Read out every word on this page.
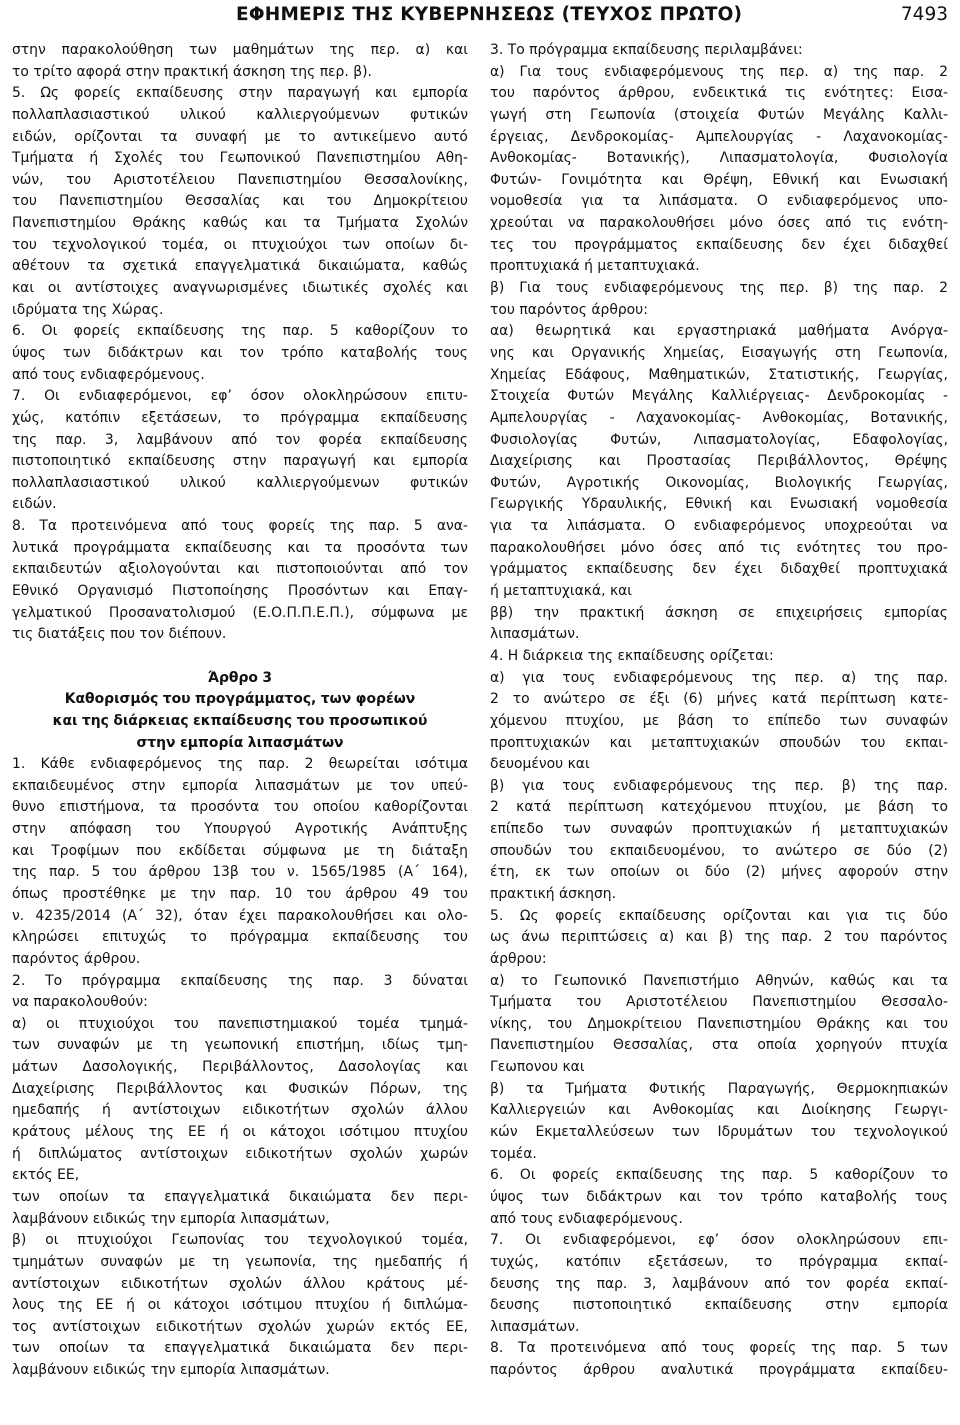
ΕΦΗΜΕΡΙΣ ΤΗΣ ΚΥΒΕΡΝΗΣΕΩΣ (ΤΕΥΧΟΣ ΠΡΩΤΟ)	7493
στην παρακολούθηση των μαθημάτων της περ. α) και
το τρίτο αφορά στην πρακτική άσκηση της περ. β).
5. Ως φορείς εκπαίδευσης στην παραγωγή και εμπορία
πολλαπλασιαστικού υλικού καλλιεργούμενων φυτικών
ειδών, ορίζονται τα συναφή με το αντικείμενο αυτό
Τμήματα ή Σχολές του Γεωπονικού Πανεπιστημίου Αθη-
νών, του Αριστοτέλειου Πανεπιστημίου Θεσσαλονίκης,
του Πανεπιστημίου Θεσσαλίας και του Δημοκρίτειου
Πανεπιστημίου Θράκης καθώς και τα Τμήματα Σχολών
του τεχνολογικού τομέα, οι πτυχιούχοι των οποίων δι-
αθέτουν τα σχετικά επαγγελματικά δικαιώματα, καθώς
και οι αντίστοιχες αναγνωρισμένες ιδιωτικές σχολές και
ιδρύματα της Χώρας.
6. Οι φορείς εκπαίδευσης της παρ. 5 καθορίζουν το
ύψος των διδάκτρων και τον τρόπο καταβολής τους
από τους ενδιαφερόμενους.
7. Οι ενδιαφερόμενοι, εφ’ όσον ολοκληρώσουν επιτυ-
χώς, κατόπιν εξετάσεων, το πρόγραμμα εκπαίδευσης
της παρ. 3, λαμβάνουν από τον φορέα εκπαίδευσης
πιστοποιητικό εκπαίδευσης στην παραγωγή και εμπορία
πολλαπλασιαστικού υλικού καλλιεργούμενων φυτικών
ειδών.
8. Τα προτεινόμενα από τους φορείς της παρ. 5 ανα-
λυτικά προγράμματα εκπαίδευσης και τα προσόντα των
εκπαιδευτών αξιολογούνται και πιστοποιούνται από τον
Εθνικό Οργανισμό Πιστοποίησης Προσόντων και Επαγ-
γελματικού Προσανατολισμού (Ε.Ο.Π.Π.Ε.Π.), σύμφωνα με
τις διατάξεις που τον διέπουν.
Άρθρο 3
Καθορισμός του προγράμματος, των φορέων
και της διάρκειας εκπαίδευσης του προσωπικού
στην εμπορία λιπασμάτων
1. Κάθε ενδιαφερόμενος της παρ. 2 θεωρείται ισότιμα
εκπαιδευμένος στην εμπορία λιπασμάτων με τον υπεύ-
θυνο επιστήμονα, τα προσόντα του οποίου καθορίζονται
στην απόφαση του Υπουργού Αγροτικής Ανάπτυξης
και Τροφίμων που εκδίδεται σύμφωνα με τη διάταξη
της παρ. 5 του άρθρου 13β του ν. 1565/1985 (Α΄ 164),
όπως προστέθηκε με την παρ. 10 του άρθρου 49 του
ν. 4235/2014 (Α΄ 32), όταν έχει παρακολουθήσει και ολο-
κληρώσει επιτυχώς το πρόγραμμα εκπαίδευσης του
παρόντος άρθρου.
2. Το πρόγραμμα εκπαίδευσης της παρ. 3 δύναται
να παρακολουθούν:
α) οι πτυχιούχοι του πανεπιστημιακού τομέα τμημά-
των συναφών με τη γεωπονική επιστήμη, ιδίως τμη-
μάτων Δασολογικής, Περιβάλλοντος, Δασολογίας και
Διαχείρισης Περιβάλλοντος και Φυσικών Πόρων, της
ημεδαπής ή αντίστοιχων ειδικοτήτων σχολών άλλου
κράτους μέλους της ΕΕ ή οι κάτοχοι ισότιμου πτυχίου
ή διπλώματος αντίστοιχων ειδικοτήτων σχολών χωρών
εκτός ΕΕ,
των οποίων τα επαγγελματικά δικαιώματα δεν περι-
λαμβάνουν ειδικώς την εμπορία λιπασμάτων,
β) οι πτυχιούχοι Γεωπονίας του τεχνολογικού τομέα,
τμημάτων συναφών με τη γεωπονία, της ημεδαπής ή
αντίστοιχων ειδικοτήτων σχολών άλλου κράτους μέ-
λους της ΕΕ ή οι κάτοχοι ισότιμου πτυχίου ή διπλώμα-
τος αντίστοιχων ειδικοτήτων σχολών χωρών εκτός ΕΕ,
των οποίων τα επαγγελματικά δικαιώματα δεν περι-
λαμβάνουν ειδικώς την εμπορία λιπασμάτων.
3. Το πρόγραμμα εκπαίδευσης περιλαμβάνει:
α) Για τους ενδιαφερόμενους της περ. α) της παρ. 2
του παρόντος άρθρου, ενδεικτικά τις ενότητες: Εισα-
γωγή στη Γεωπονία (στοιχεία Φυτών Μεγάλης Καλλι-
έργειας, Δενδροκομίας- Αμπελουργίας - Λαχανοκομίας-
Ανθοκομίας- Βοτανικής), Λιπασματολογία, Φυσιολογία
Φυτών- Γονιμότητα και Θρέψη, Εθνική και Ενωσιακή
νομοθεσία για τα λιπάσματα. Ο ενδιαφερόμενος υπο-
χρεούται να παρακολουθήσει μόνο όσες από τις ενότη-
τες του προγράμματος εκπαίδευσης δεν έχει διδαχθεί
προπτυχιακά ή μεταπτυχιακά.
β) Για τους ενδιαφερόμενους της περ. β) της παρ. 2
του παρόντος άρθρου:
αα) θεωρητικά και εργαστηριακά μαθήματα Ανόργα-
νης και Οργανικής Χημείας, Εισαγωγής στη Γεωπονία,
Χημείας Εδάφους, Μαθηματικών, Στατιστικής, Γεωργίας,
Στοιχεία Φυτών Μεγάλης Καλλιέργειας- Δενδροκομίας -
Αμπελουργίας - Λαχανοκομίας- Ανθοκομίας, Βοτανικής,
Φυσιολογίας Φυτών, Λιπασματολογίας, Εδαφολογίας,
Διαχείρισης και Προστασίας Περιβάλλοντος, Θρέψης
Φυτών, Αγροτικής Οικονομίας, Βιολογικής Γεωργίας,
Γεωργικής Υδραυλικής, Εθνική και Ενωσιακή νομοθεσία
για τα λιπάσματα. Ο ενδιαφερόμενος υποχρεούται να
παρακολουθήσει μόνο όσες από τις ενότητες του προ-
γράμματος εκπαίδευσης δεν έχει διδαχθεί προπτυχιακά
ή μεταπτυχιακά, και
ββ) την πρακτική άσκηση σε επιχειρήσεις εμπορίας
λιπασμάτων.
4. Η διάρκεια της εκπαίδευσης ορίζεται:
α) για τους ενδιαφερόμενους της περ. α) της παρ.
2 το ανώτερο σε έξι (6) μήνες κατά περίπτωση κατε-
χόμενου πτυχίου, με βάση το επίπεδο των συναφών
προπτυχιακών και μεταπτυχιακών σπουδών του εκπαι-
δευομένου και
β) για τους ενδιαφερόμενους της περ. β) της παρ.
2 κατά περίπτωση κατεχόμενου πτυχίου, με βάση το
επίπεδο των συναφών προπτυχιακών ή μεταπτυχιακών
σπουδών του εκπαιδευομένου, το ανώτερο σε δύο (2)
έτη, εκ των οποίων οι δύο (2) μήνες αφορούν στην
πρακτική άσκηση.
5. Ως φορείς εκπαίδευσης ορίζονται και για τις δύο
ως άνω περιπτώσεις α) και β) της παρ. 2 του παρόντος
άρθρου:
α) το Γεωπονικό Πανεπιστήμιο Αθηνών, καθώς και τα
Τμήματα του Αριστοτέλειου Πανεπιστημίου Θεσσαλο-
νίκης, του Δημοκρίτειου Πανεπιστημίου Θράκης και του
Πανεπιστημίου Θεσσαλίας, στα οποία χορηγούν πτυχία
Γεωπονου και
β) τα Τμήματα Φυτικής Παραγωγής, Θερμοκηπιακών
Καλλιεργειών και Ανθοκομίας και Διοίκησης Γεωργι-
κών Εκμεταλλεύσεων των Ιδρυμάτων του τεχνολογικού
τομέα.
6. Οι φορείς εκπαίδευσης της παρ. 5 καθορίζουν το
ύψος των διδάκτρων και τον τρόπο καταβολής τους
από τους ενδιαφερόμενους.
7. Οι ενδιαφερόμενοι, εφ’ όσον ολοκληρώσουν επι-
τυχώς, κατόπιν εξετάσεων, το πρόγραμμα εκπαί-
δευσης της παρ. 3, λαμβάνουν από τον φορέα εκπαί-
δευσης πιστοποιητικό εκπαίδευσης στην εμπορία
λιπασμάτων.
8. Τα προτεινόμενα από τους φορείς της παρ. 5 των
παρόντος άρθρου αναλυτικά προγράμματα εκπαίδευ-
